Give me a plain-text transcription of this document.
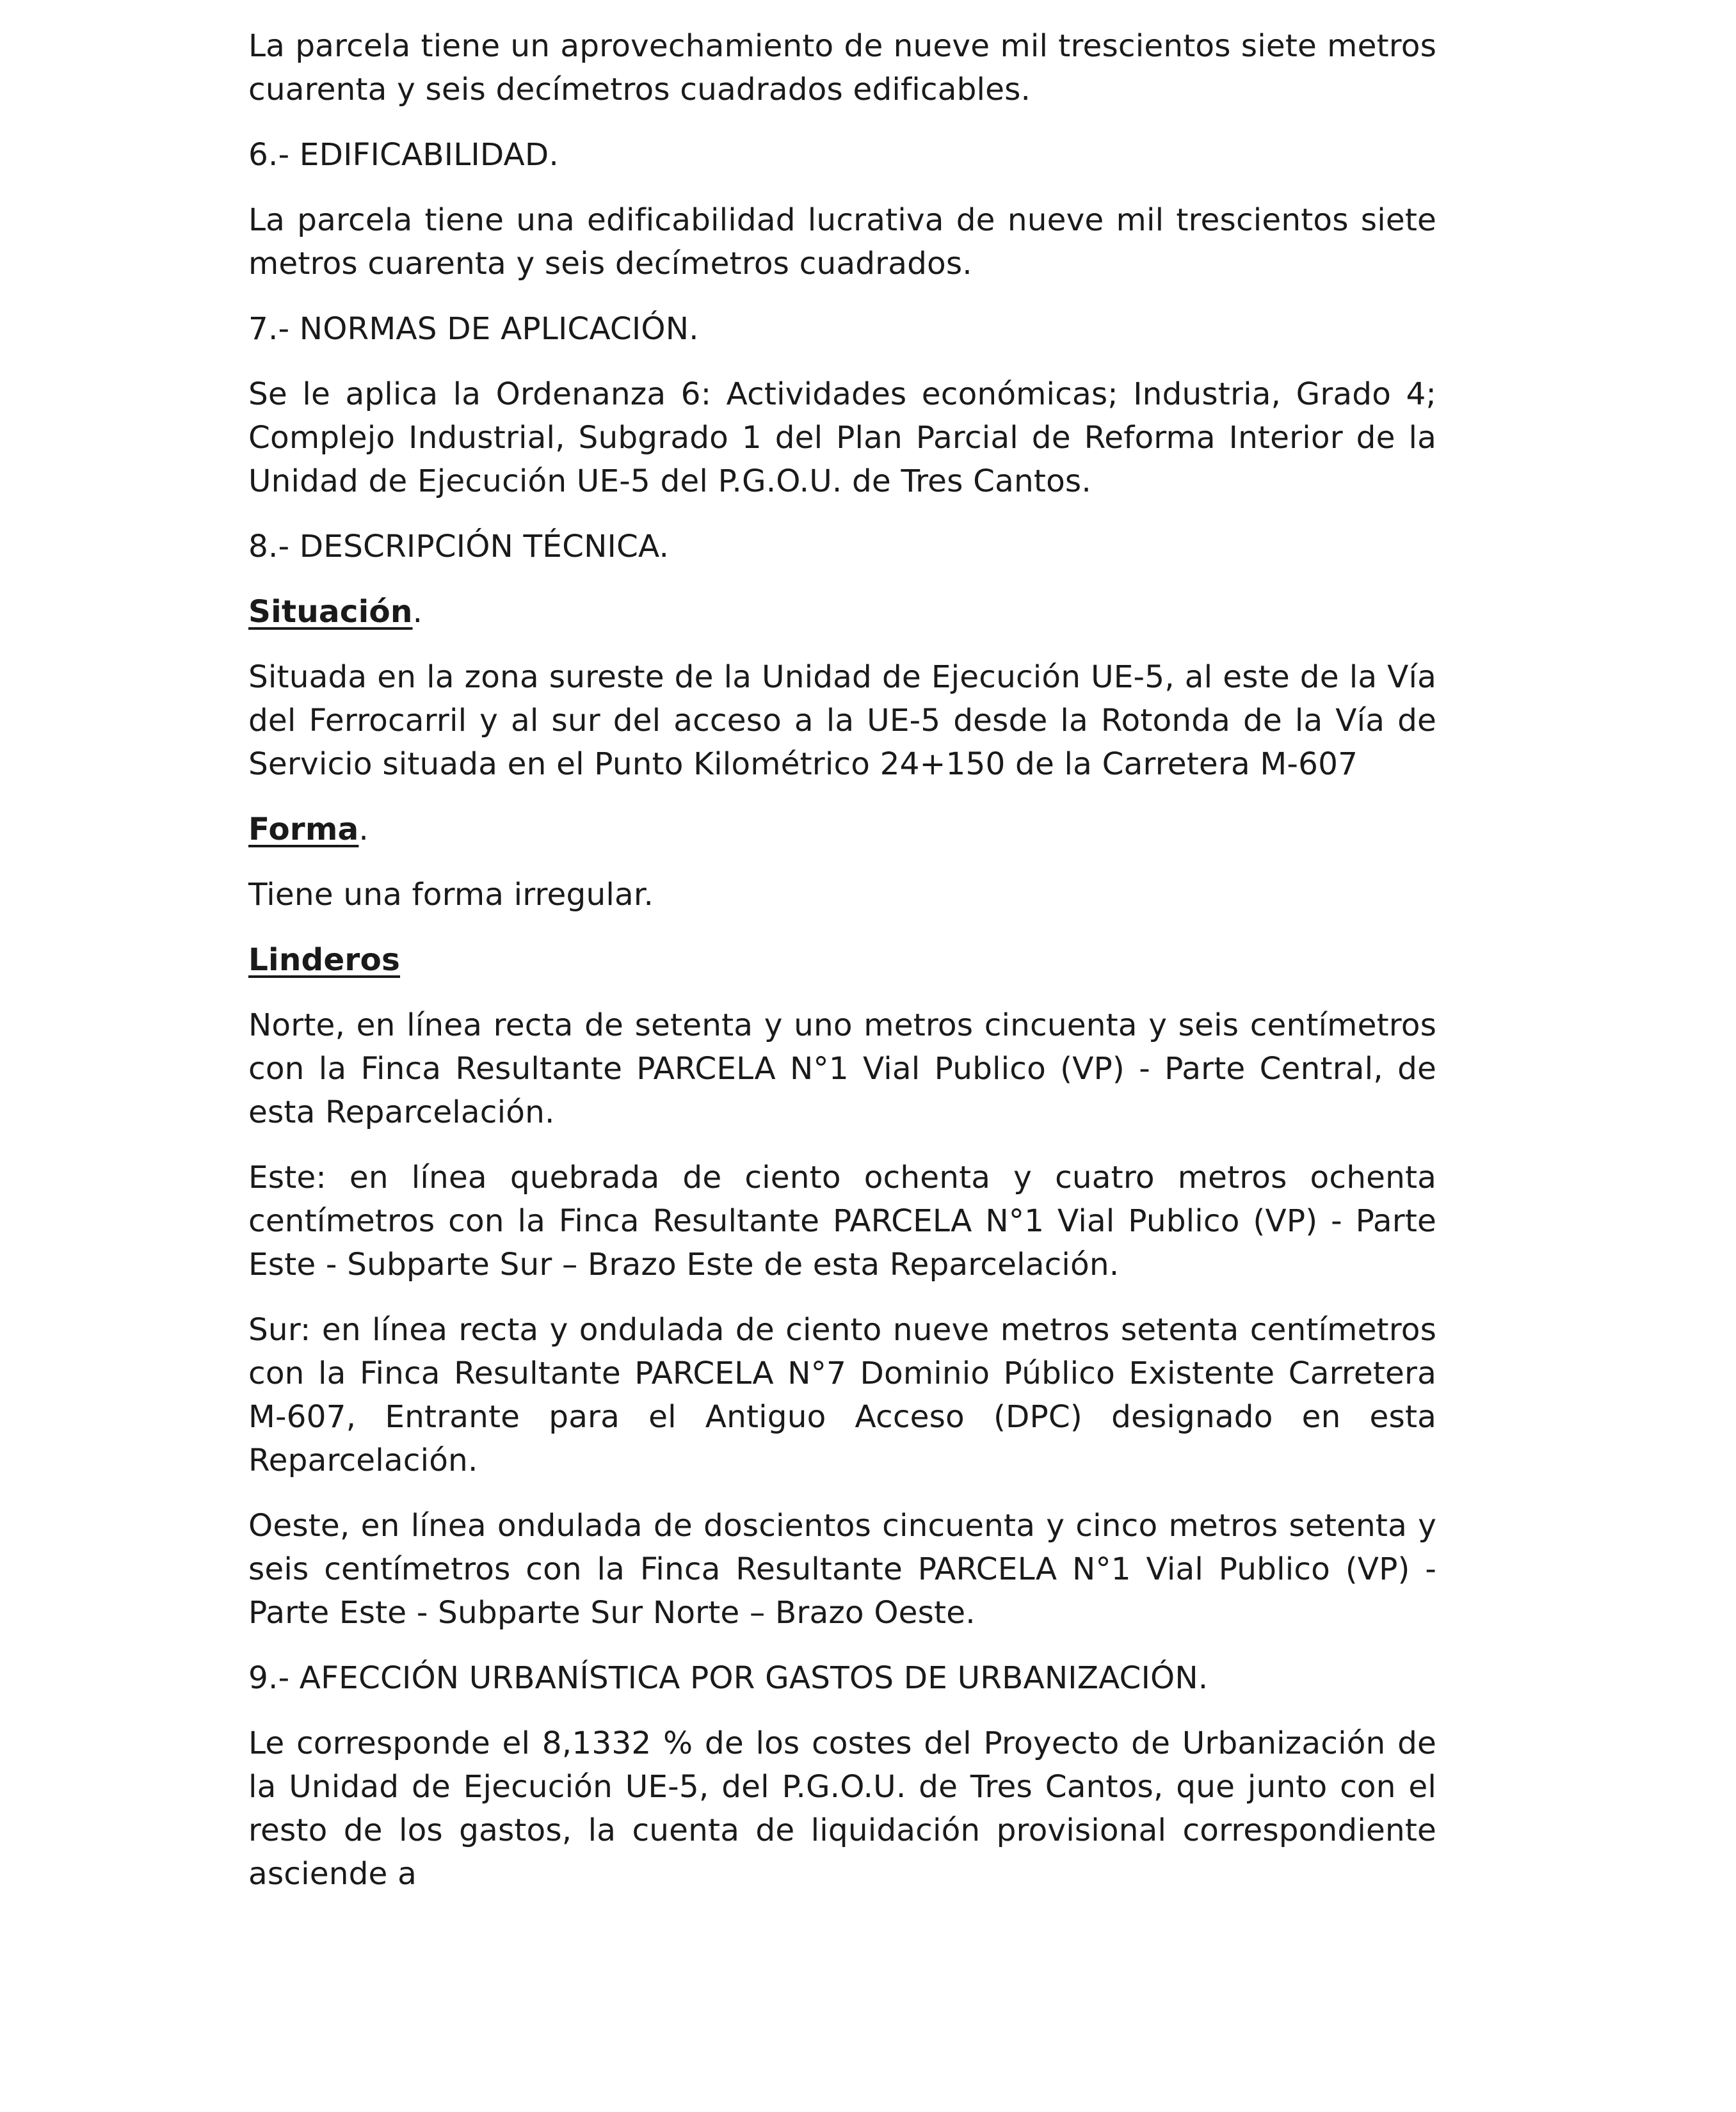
La parcela tiene un aprovechamiento de nueve mil trescientos siete metros cuarenta y seis decímetros cuadrados edificables.

6.- EDIFICABILIDAD.

La parcela tiene una edificabilidad lucrativa de nueve mil trescientos siete metros cuarenta y seis decímetros cuadrados.

7.- NORMAS DE APLICACIÓN.

Se le aplica la Ordenanza 6: Actividades económicas; Industria, Grado 4; Complejo Industrial, Subgrado 1 del Plan Parcial de Reforma Interior de la Unidad de Ejecución UE-5 del P.G.O.U. de Tres Cantos.

8.- DESCRIPCIÓN TÉCNICA.

Situación.

Situada en la zona sureste de la Unidad de Ejecución UE-5, al este de la Vía del Ferrocarril y al sur del acceso a la UE-5 desde la Rotonda de la Vía de Servicio situada en el Punto Kilométrico 24+150 de la Carretera M-607

Forma.

Tiene una forma irregular.

Linderos

Norte, en línea recta de setenta y uno metros cincuenta y seis centímetros con la Finca Resultante PARCELA N°1 Vial Publico (VP) - Parte Central, de esta Reparcelación.

Este: en línea quebrada de ciento ochenta y cuatro metros ochenta centímetros con la Finca Resultante PARCELA N°1 Vial Publico (VP) - Parte Este - Subparte Sur – Brazo Este de esta Reparcelación.

Sur: en línea recta y ondulada de ciento nueve metros setenta centímetros con la Finca Resultante PARCELA N°7 Dominio Público Existente Carretera M-607, Entrante para el Antiguo Acceso (DPC) designado en esta Reparcelación.

Oeste, en línea ondulada de doscientos cincuenta y cinco metros setenta y seis centímetros con la Finca Resultante PARCELA N°1 Vial Publico (VP) - Parte Este - Subparte Sur Norte – Brazo Oeste.

9.- AFECCIÓN URBANÍSTICA POR GASTOS DE URBANIZACIÓN.

Le corresponde el 8,1332 % de los costes del Proyecto de Urbanización de la Unidad de Ejecución UE-5, del P.G.O.U. de Tres Cantos, que junto con el resto de los gastos, la cuenta de liquidación provisional correspondiente asciende a
